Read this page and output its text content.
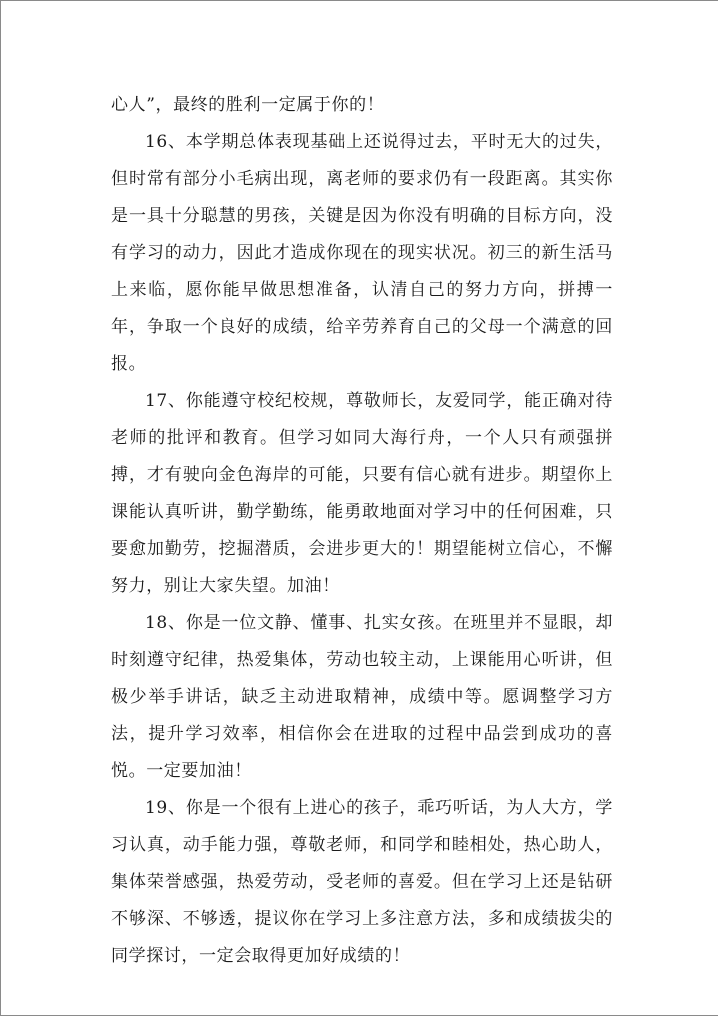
心人”，最终的胜利一定属于你的！

16、本学期总体表现基础上还说得过去，平时无大的过失，但时常有部分小毛病出现，离老师的要求仍有一段距离。其实你是一具十分聪慧的男孩，关键是因为你没有明确的目标方向，没有学习的动力，因此才造成你现在的现实状况。初三的新生活马上来临，愿你能早做思想准备，认清自己的努力方向，拼搏一年，争取一个良好的成绩，给辛劳养育自己的父母一个满意的回报。

17、你能遵守校纪校规，尊敬师长，友爱同学，能正确对待老师的批评和教育。但学习如同大海行舟，一个人只有顽强拼搏，才有驶向金色海岸的可能，只要有信心就有进步。期望你上课能认真听讲，勤学勤练，能勇敢地面对学习中的任何困难，只要愈加勤劳，挖掘潜质，会进步更大的！期望能树立信心，不懈努力，别让大家失望。加油！

18、你是一位文静、懂事、扎实女孩。在班里并不显眼，却时刻遵守纪律，热爱集体，劳动也较主动，上课能用心听讲，但极少举手讲话，缺乏主动进取精神，成绩中等。愿调整学习方法，提升学习效率，相信你会在进取的过程中品尝到成功的喜悦。一定要加油！

19、你是一个很有上进心的孩子，乖巧听话，为人大方，学习认真，动手能力强，尊敬老师，和同学和睦相处，热心助人，集体荣誉感强，热爱劳动，受老师的喜爱。但在学习上还是钻研不够深、不够透，提议你在学习上多注意方法，多和成绩拔尖的同学探讨，一定会取得更加好成绩的！
